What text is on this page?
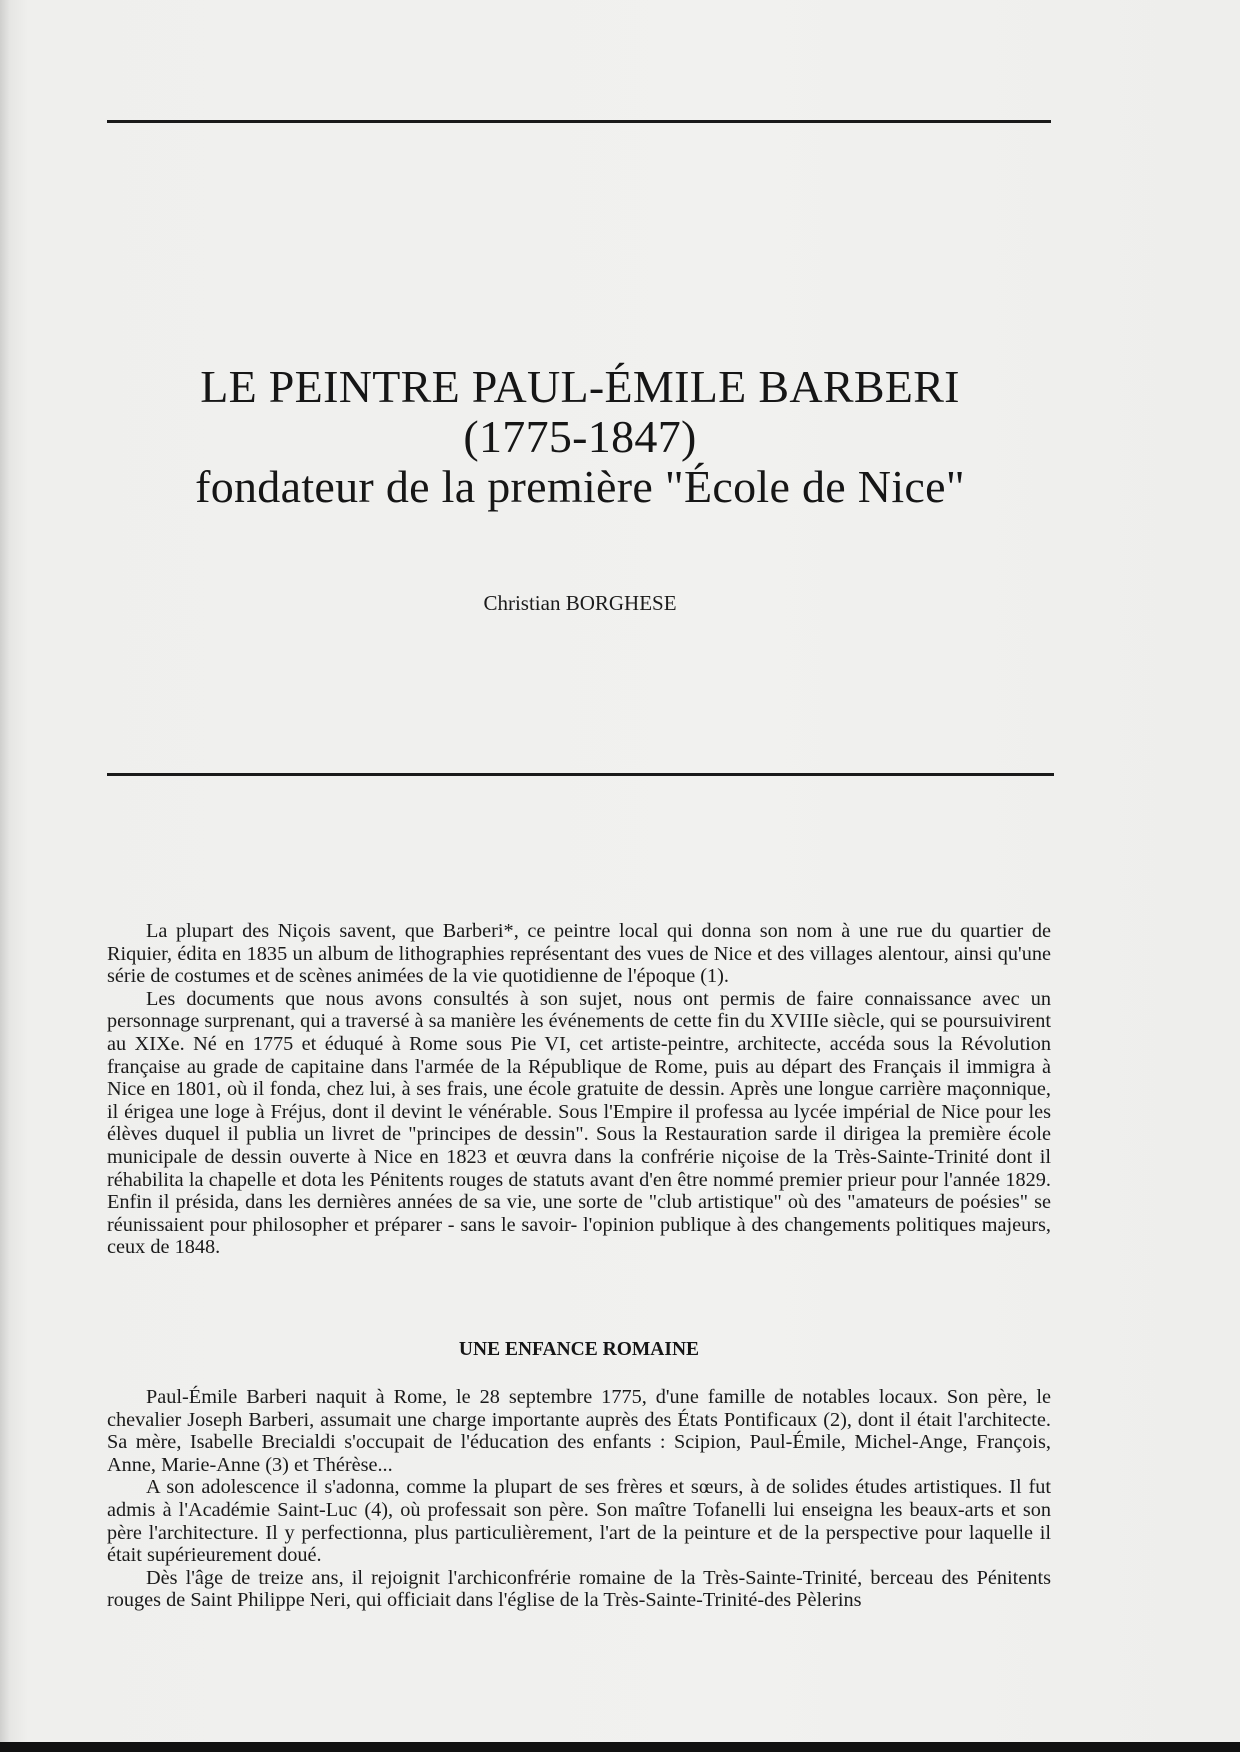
LE PEINTRE PAUL-ÉMILE BARBERI
(1775-1847)
fondateur de la première "École de Nice"
Christian BORGHESE

La plupart des Niçois savent, que Barberi*, ce peintre local qui donna son nom à une rue du quartier de Riquier, édita en 1835 un album de lithographies représentant des vues de Nice et des villages alentour, ainsi qu'une série de costumes et de scènes animées de la vie quotidienne de l'époque (1).

Les documents que nous avons consultés à son sujet, nous ont permis de faire connaissance avec un personnage surprenant, qui a traversé à sa manière les événements de cette fin du XVIIIe siècle, qui se poursuivirent au XIXe. Né en 1775 et éduqué à Rome sous Pie VI, cet artiste-peintre, architecte, accéda sous la Révolution française au grade de capitaine dans l'armée de la République de Rome, puis au départ des Français il immigra à Nice en 1801, où il fonda, chez lui, à ses frais, une école gratuite de dessin. Après une longue carrière maçonnique, il érigea une loge à Fréjus, dont il devint le vénérable. Sous l'Empire il professa au lycée impérial de Nice pour les élèves duquel il publia un livret de "principes de dessin". Sous la Restauration sarde il dirigea la première école municipale de dessin ouverte à Nice en 1823 et œuvra dans la confrérie niçoise de la Très-Sainte-Trinité dont il réhabilita la chapelle et dota les Pénitents rouges de statuts avant d'en être nommé premier prieur pour l'année 1829. Enfin il présida, dans les dernières années de sa vie, une sorte de "club artistique" où des "amateurs de poésies" se réunissaient pour philosopher et préparer - sans le savoir- l'opinion publique à des changements politiques majeurs, ceux de 1848.

UNE ENFANCE ROMAINE

Paul-Émile Barberi naquit à Rome, le 28 septembre 1775, d'une famille de notables locaux. Son père, le chevalier Joseph Barberi, assumait une charge importante auprès des États Pontificaux (2), dont il était l'architecte. Sa mère, Isabelle Brecialdi s'occupait de l'éducation des enfants : Scipion, Paul-Émile, Michel-Ange, François, Anne, Marie-Anne (3) et Thérèse...

A son adolescence il s'adonna, comme la plupart de ses frères et sœurs, à de solides études artistiques. Il fut admis à l'Académie Saint-Luc (4), où professait son père. Son maître Tofanelli lui enseigna les beaux-arts et son père l'architecture. Il y perfectionna, plus particulièrement, l'art de la peinture et de la perspective pour laquelle il était supérieurement doué.

Dès l'âge de treize ans, il rejoignit l'archiconfrérie romaine de la Très-Sainte-Trinité, berceau des Pénitents rouges de Saint Philippe Neri, qui officiait dans l'église de la Très-Sainte-Trinité-des Pèlerins
